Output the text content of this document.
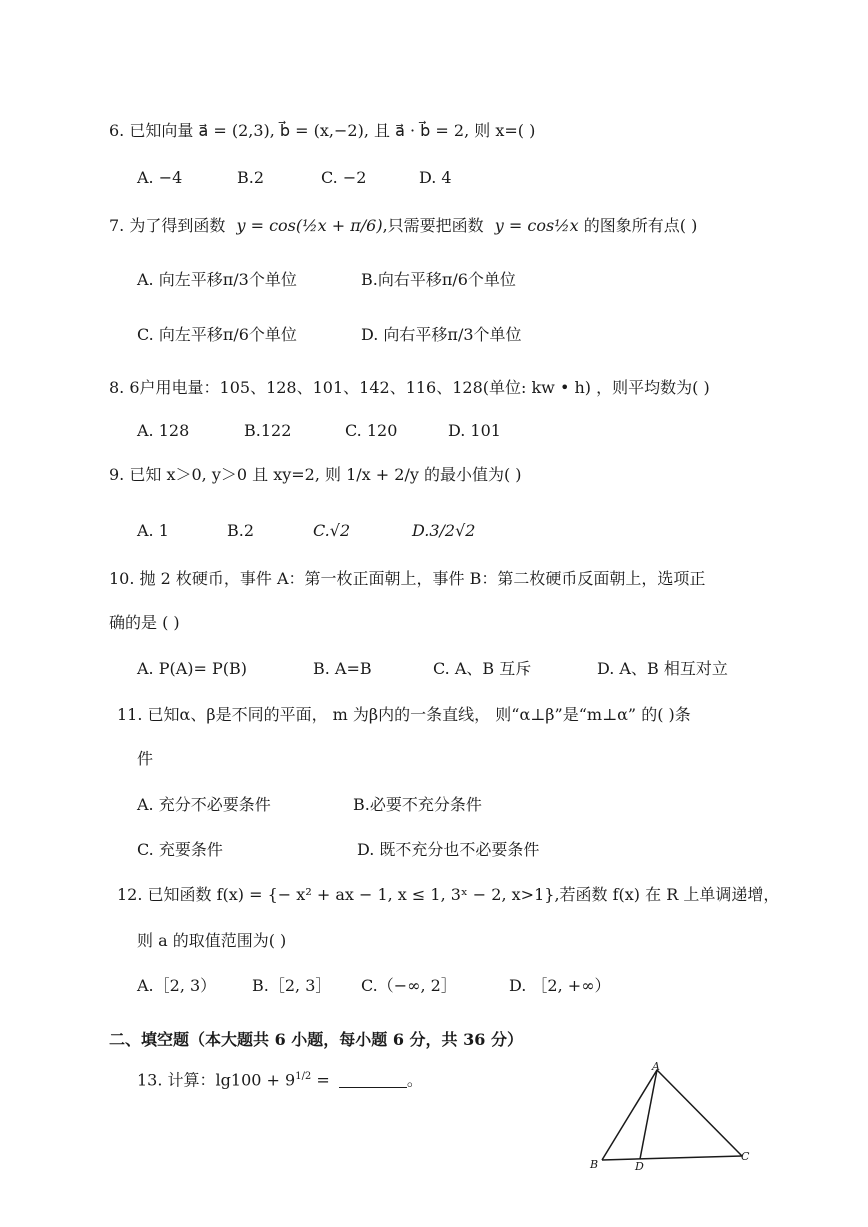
6. 已知向量 a⃗ = (2,3), b⃗ = (x,−2), 且 a⃗ · b⃗ = 2, 则 x=( )
A. −4	B.2	C. −2	D. 4
7. 为了得到函数 y = cos(½x + π/6),只需要把函数 y = cos½x 的图象所有点( )
A. 向左平移π/3个单位	B.向右平移π/6个单位
C. 向左平移π/6个单位	D. 向右平移π/3个单位
8. 6户用电量：105、128、101、142、116、128(单位: kw • h) ，则平均数为( )
A. 128	B.122	C. 120	D. 101
9. 已知 x＞0, y＞0 且 xy=2, 则 1/x + 2/y 的最小值为( )
A. 1	B.2	C.√2	D.3/2√2
10. 抛 2 枚硬币，事件 A：第一枚正面朝上，事件 B：第二枚硬币反面朝上，选项正
确的是 ( )
A. P(A)= P(B)	B. A=B	C. A、B 互斥	D. A、B 相互对立
11. 已知α、β是不同的平面， m 为β内的一条直线， 则“α⊥β”是“m⊥α” 的( )条
件
A. 充分不必要条件	B.必要不充分条件
C. 充要条件	D. 既不充分也不必要条件
12. 已知函数 f(x) = {− x² + ax − 1, x ≤ 1, 3ˣ − 2, x>1},若函数 f(x) 在 R 上单调递增，
则 a 的取值范围为( )
A.［2, 3） B.［2, 3］ C.（−∞, 2］	D. ［2, +∞）
二、填空题（本大题共 6 小题，每小题 6 分，共 36 分）
13. 计算：$\lg 100 + 9^{1/2}$ =	。
A
B	D
C
